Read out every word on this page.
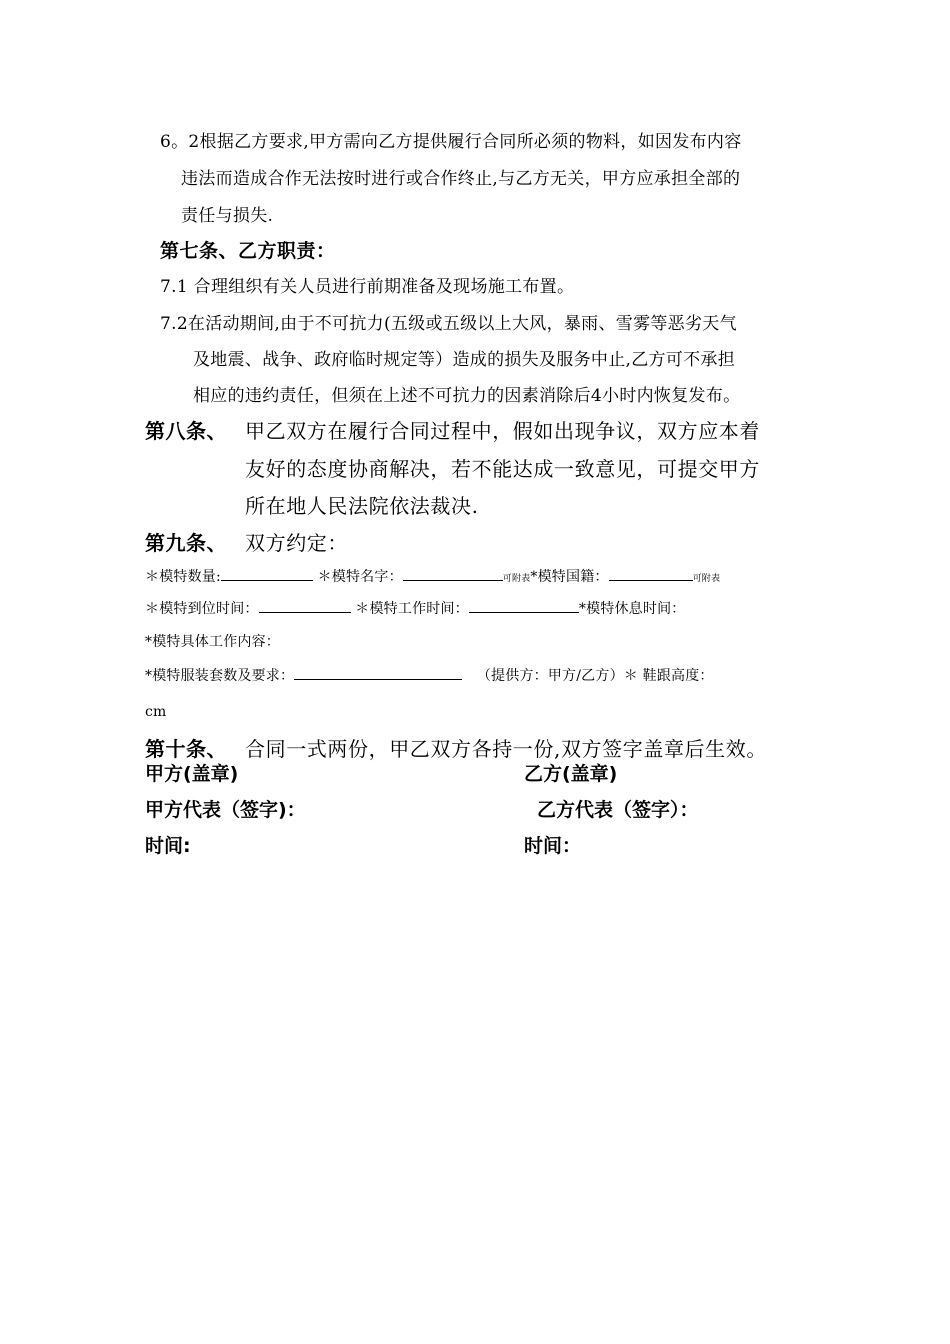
6。2根据乙方要求,甲方需向乙方提供履行合同所必须的物料，如因发布内容
违法而造成合作无法按时进行或合作终止,与乙方无关，甲方应承担全部的
责任与损失.
第七条、乙方职责：
7.1 合理组织有关人员进行前期准备及现场施工布置。
7.2在活动期间,由于不可抗力(五级或五级以上大风，暴雨、雪雾等恶劣天气
及地震、战争、政府临时规定等）造成的损失及服务中止,乙方可不承担
相应的违约责任，但须在上述不可抗力的因素消除后4小时内恢复发布。
第八条、 甲乙双方在履行合同过程中，假如出现争议，双方应本着
友好的态度协商解决，若不能达成一致意见，可提交甲方
所在地人民法院依法裁决.
第九条、 双方约定：
＊模特数量:	＊模特名字：	可附表*模特国籍：	可附表
＊模特到位时间：	＊模特工作时间：	*模特休息时间：
*模特具体工作内容：
*模特服装套数及要求：	（提供方：甲方/乙方）＊ 鞋跟高度：
cm
第十条、 合同一式两份，甲乙双方各持一份,双方签字盖章后生效。
甲方(盖章)	乙方(盖章)
甲方代表（签字)：	乙方代表（签字）：
时间:	时间：
